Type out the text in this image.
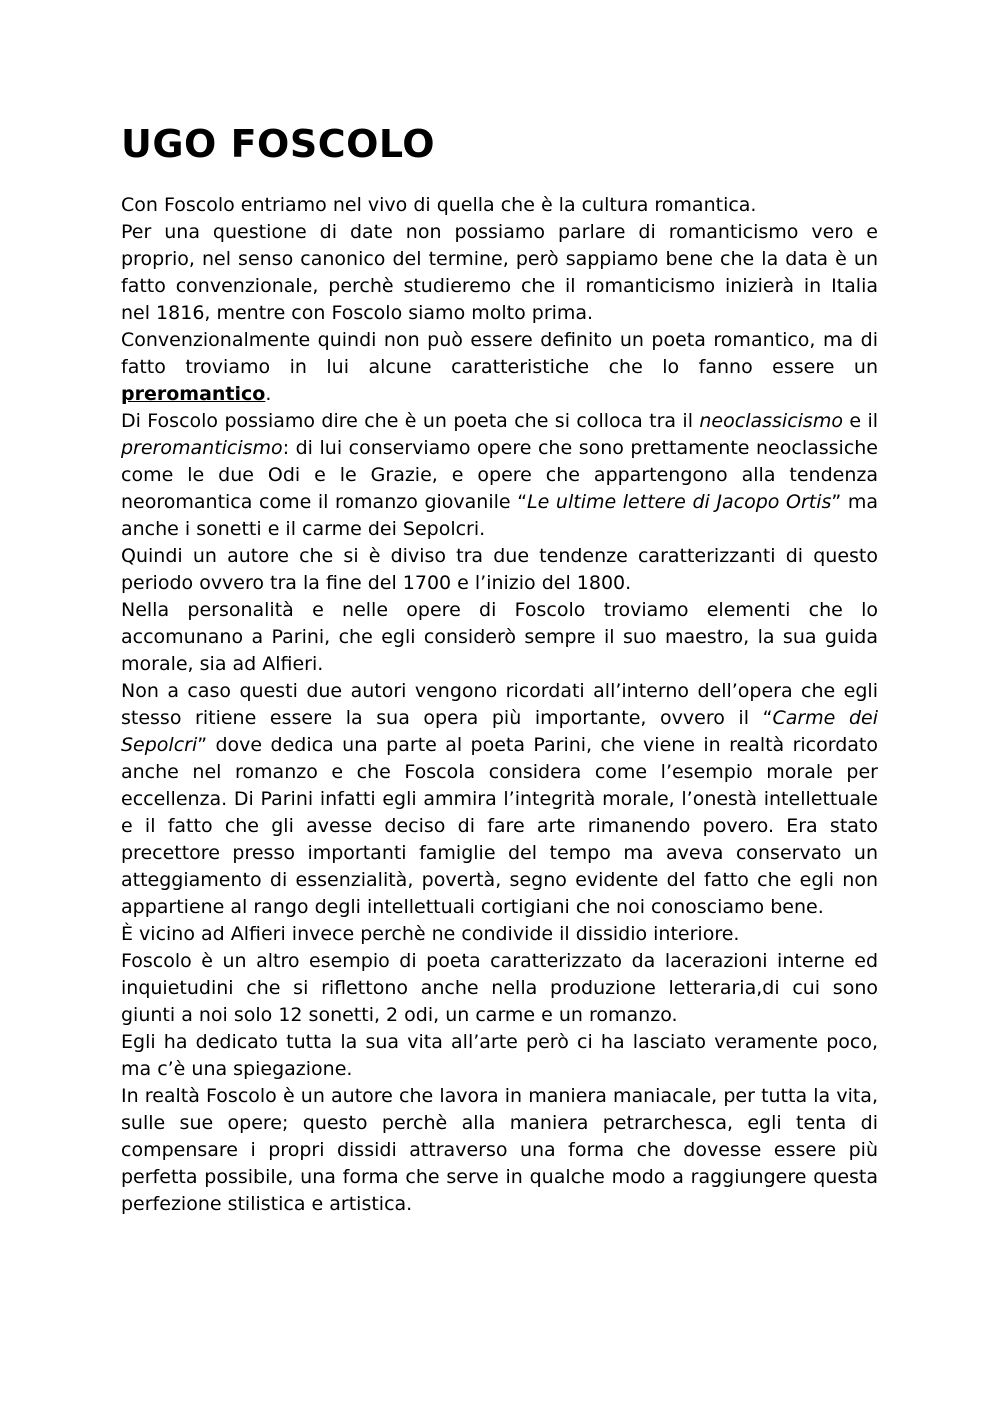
UGO FOSCOLO

Con Foscolo entriamo nel vivo di quella che è la cultura romantica.

Per una questione di date non possiamo parlare di romanticismo vero e proprio, nel senso canonico del termine, però sappiamo bene che la data è un fatto convenzionale, perchè studieremo che il romanticismo inizierà in Italia nel 1816, mentre con Foscolo siamo molto prima.

Convenzionalmente quindi non può essere definito un poeta romantico, ma di fatto troviamo in lui alcune caratteristiche che lo fanno essere un preromantico.

Di Foscolo possiamo dire che è un poeta che si colloca tra il neoclassicismo e il preromanticismo: di lui conserviamo opere che sono prettamente neoclassiche come le due Odi e le Grazie, e opere che appartengono alla tendenza neoromantica come il romanzo giovanile “Le ultime lettere di Jacopo Ortis” ma anche i sonetti e il carme dei Sepolcri.

Quindi un autore che si è diviso tra due tendenze caratterizzanti di questo periodo ovvero tra la fine del 1700 e l’inizio del 1800.

Nella personalità e nelle opere di Foscolo troviamo elementi che lo accomunano a Parini, che egli considerò sempre il suo maestro, la sua guida morale, sia ad Alfieri.

Non a caso questi due autori vengono ricordati all’interno dell’opera che egli stesso ritiene essere la sua opera più importante, ovvero il “Carme dei Sepolcri” dove dedica una parte al poeta Parini, che viene in realtà ricordato anche nel romanzo e che Foscola considera come l’esempio morale per eccellenza. Di Parini infatti egli ammira l’integrità morale, l’onestà intellettuale e il fatto che gli avesse deciso di fare arte rimanendo povero. Era stato precettore presso importanti famiglie del tempo ma aveva conservato un atteggiamento di essenzialità, povertà, segno evidente del fatto che egli non appartiene al rango degli intellettuali cortigiani che noi conosciamo bene.

È vicino ad Alfieri invece perchè ne condivide il dissidio interiore.

Foscolo è un altro esempio di poeta caratterizzato da lacerazioni interne ed inquietudini che si riflettono anche nella produzione letteraria,di cui sono giunti a noi solo 12 sonetti, 2 odi, un carme e un romanzo.

Egli ha dedicato tutta la sua vita all’arte però ci ha lasciato veramente poco, ma c’è una spiegazione.

In realtà Foscolo è un autore che lavora in maniera maniacale, per tutta la vita, sulle sue opere; questo perchè alla maniera petrarchesca, egli tenta di compensare i propri dissidi attraverso una forma che dovesse essere più perfetta possibile, una forma che serve in qualche modo a raggiungere questa perfezione stilistica e artistica.
